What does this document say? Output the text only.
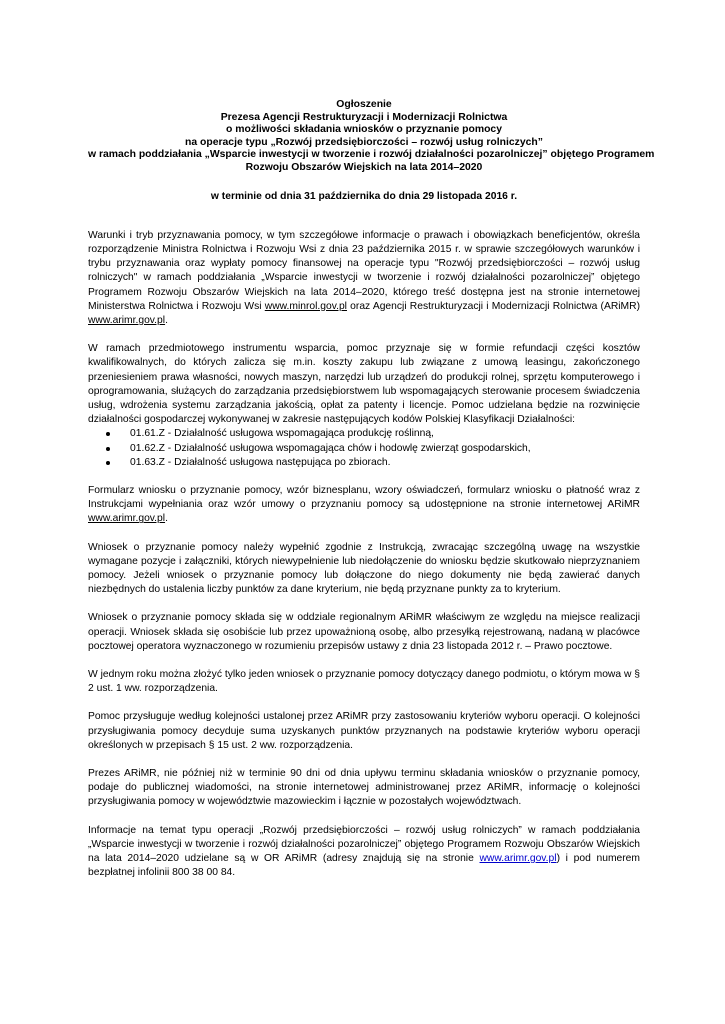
Ogłoszenie
Prezesa Agencji Restrukturyzacji i Modernizacji Rolnictwa
o możliwości składania wniosków o przyznanie pomocy
na operacje typu „Rozwój przedsiębiorczości – rozwój usług rolniczych”
w ramach poddziałania „Wsparcie inwestycji w tworzenie i rozwój działalności pozarolniczej” objętego Programem
Rozwoju Obszarów Wiejskich na lata 2014–2020
w terminie od dnia 31 października do dnia 29 listopada 2016 r.

Warunki i tryb przyznawania pomocy, w tym szczegółowe informacje o prawach i obowiązkach beneficjentów, określa rozporządzenie Ministra Rolnictwa i Rozwoju Wsi z dnia 23 października 2015 r. w sprawie szczegółowych warunków i trybu przyznawania oraz wypłaty pomocy finansowej na operacje typu "Rozwój przedsiębiorczości – rozwój usług rolniczych" w ramach poddziałania „Wsparcie inwestycji w tworzenie i rozwój działalności pozarolniczej” objętego Programem Rozwoju Obszarów Wiejskich na lata 2014–2020, którego treść dostępna jest na stronie internetowej Ministerstwa Rolnictwa i Rozwoju Wsi www.minrol.gov.pl oraz Agencji Restrukturyzacji i Modernizacji Rolnictwa (ARiMR) www.arimr.gov.pl.

W ramach przedmiotowego instrumentu wsparcia, pomoc przyznaje się w formie refundacji części kosztów kwalifikowalnych, do których zalicza się m.in. koszty zakupu lub związane z umową leasingu, zakończonego przeniesieniem prawa własności, nowych maszyn, narzędzi lub urządzeń do produkcji rolnej, sprzętu komputerowego i oprogramowania, służących do zarządzania przedsiębiorstwem lub wspomagających sterowanie procesem świadczenia usług, wdrożenia systemu zarządzania jakością, opłat za patenty i licencje. Pomoc udzielana będzie na rozwinięcie działalności gospodarczej wykonywanej w zakresie następujących kodów Polskiej Klasyfikacji Działalności:

01.61.Z - Działalność usługowa wspomagająca produkcję roślinną,
01.62.Z - Działalność usługowa wspomagająca chów i hodowlę zwierząt gospodarskich,
01.63.Z - Działalność usługowa następująca po zbiorach.

Formularz wniosku o przyznanie pomocy, wzór biznesplanu, wzory oświadczeń, formularz wniosku o płatność wraz z Instrukcjami wypełniania oraz wzór umowy o przyznaniu pomocy są udostępnione na stronie internetowej ARiMR www.arimr.gov.pl.

Wniosek o przyznanie pomocy należy wypełnić zgodnie z Instrukcją, zwracając szczególną uwagę na wszystkie wymagane pozycje i załączniki, których niewypełnienie lub niedołączenie do wniosku będzie skutkowało nieprzyznaniem pomocy. Jeżeli wniosek o przyznanie pomocy lub dołączone do niego dokumenty nie będą zawierać danych niezbędnych do ustalenia liczby punktów za dane kryterium, nie będą przyznane punkty za to kryterium.

Wniosek o przyznanie pomocy składa się w oddziale regionalnym ARiMR właściwym ze względu na miejsce realizacji operacji. Wniosek składa się osobiście lub przez upoważnioną osobę, albo przesyłką rejestrowaną, nadaną w placówce pocztowej operatora wyznaczonego w rozumieniu przepisów ustawy z dnia 23 listopada 2012 r. – Prawo pocztowe.

W jednym roku można złożyć tylko jeden wniosek o przyznanie pomocy dotyczący danego podmiotu, o którym mowa w § 2 ust. 1 ww. rozporządzenia.

Pomoc przysługuje według kolejności ustalonej przez ARiMR przy zastosowaniu kryteriów wyboru operacji. O kolejności przysługiwania pomocy decyduje suma uzyskanych punktów przyznanych na podstawie kryteriów wyboru operacji określonych w przepisach § 15 ust. 2 ww. rozporządzenia.

Prezes ARiMR, nie później niż w terminie 90 dni od dnia upływu terminu składania wniosków o przyznanie pomocy, podaje do publicznej wiadomości, na stronie internetowej administrowanej przez ARiMR, informację o kolejności przysługiwania pomocy w województwie mazowieckim i łącznie w pozostałych województwach.

Informacje na temat typu operacji „Rozwój przedsiębiorczości – rozwój usług rolniczych” w ramach poddziałania „Wsparcie inwestycji w tworzenie i rozwój działalności pozarolniczej” objętego Programem Rozwoju Obszarów Wiejskich na lata 2014–2020 udzielane są w OR ARiMR (adresy znajdują się na stronie www.arimr.gov.pl) i pod numerem bezpłatnej infolinii 800 38 00 84.
